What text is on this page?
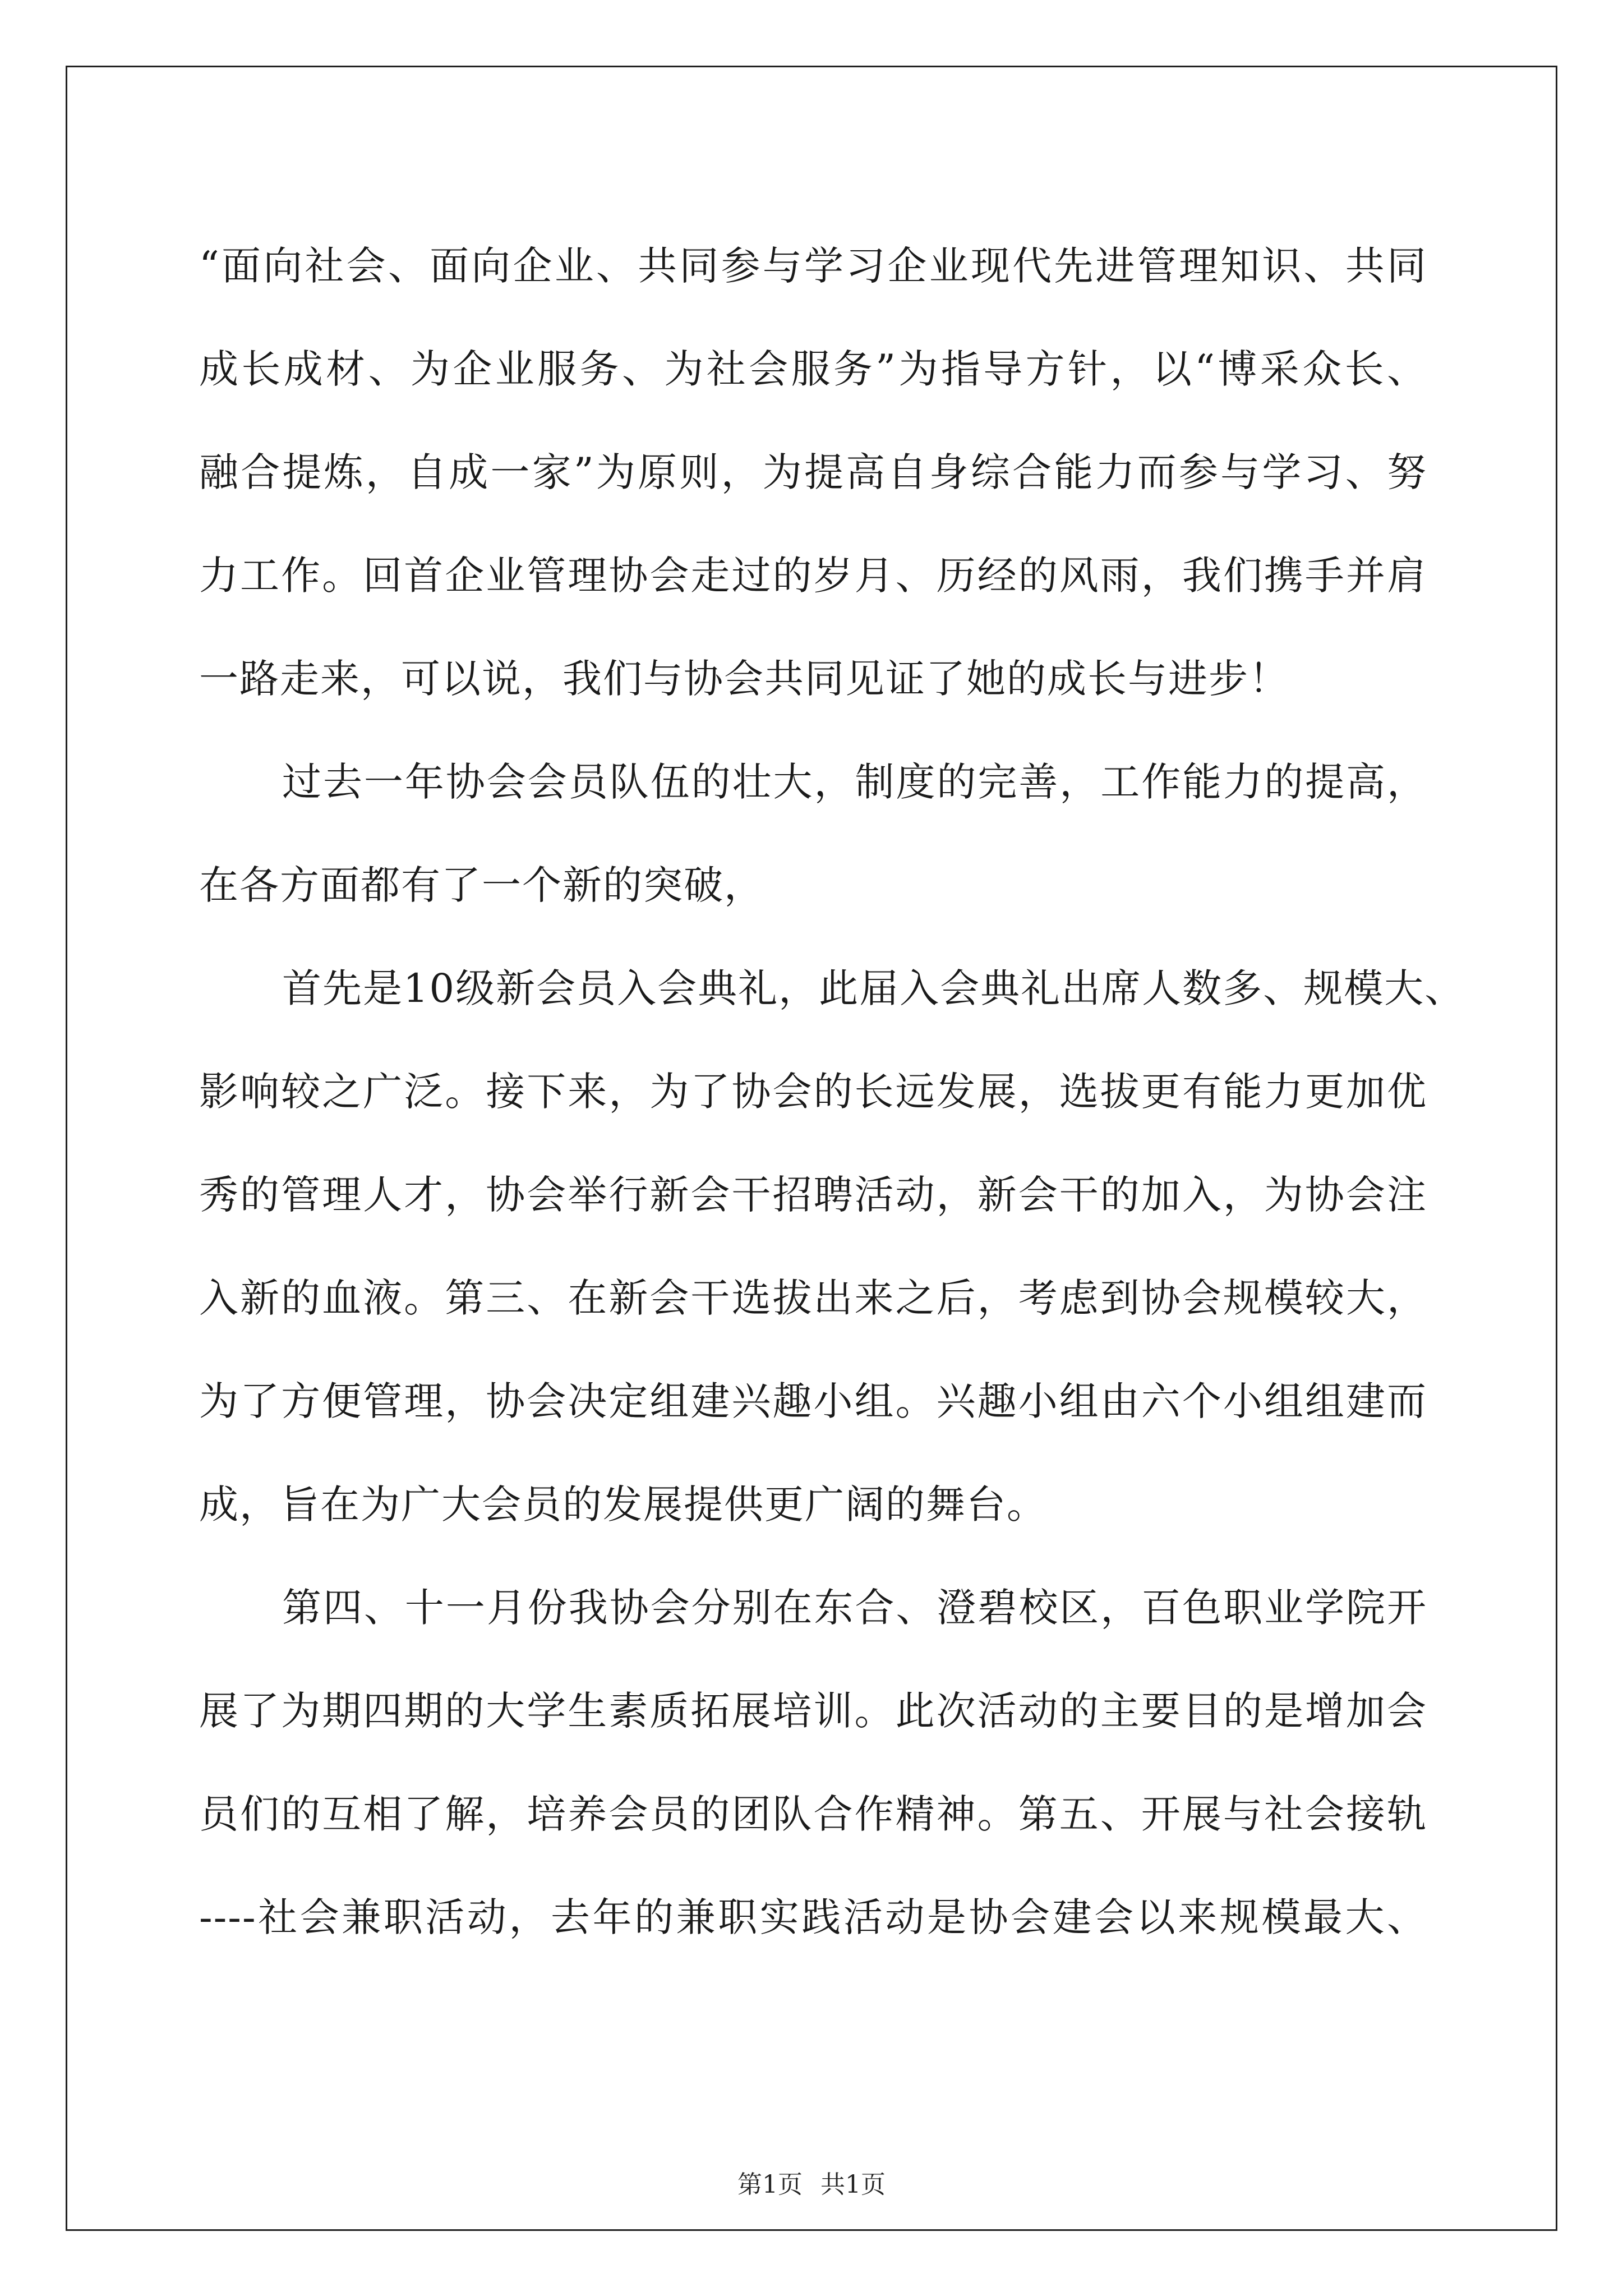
“面向社会、面向企业、共同参与学习企业现代先进管理知识、共同
成长成材、为企业服务、为社会服务”为指导方针，以“博采众长、
融合提炼，自成一家”为原则，为提高自身综合能力而参与学习、努
力工作。回首企业管理协会走过的岁月、历经的风雨，我们携手并肩
一路走来，可以说，我们与协会共同见证了她的成长与进步！
过去一年协会会员队伍的壮大，制度的完善，工作能力的提高，
在各方面都有了一个新的突破，
首先是10级新会员入会典礼，此届入会典礼出席人数多、规模大、
影响较之广泛。接下来，为了协会的长远发展，选拔更有能力更加优
秀的管理人才，协会举行新会干招聘活动，新会干的加入，为协会注
入新的血液。第三、在新会干选拔出来之后，考虑到协会规模较大，
为了方便管理，协会决定组建兴趣小组。兴趣小组由六个小组组建而
成，旨在为广大会员的发展提供更广阔的舞台。
第四、十一月份我协会分别在东合、澄碧校区，百色职业学院开
展了为期四期的大学生素质拓展培训。此次活动的主要目的是增加会
员们的互相了解，培养会员的团队合作精神。第五、开展与社会接轨
----社会兼职活动，去年的兼职实践活动是协会建会以来规模最大、
第1页 共1页
